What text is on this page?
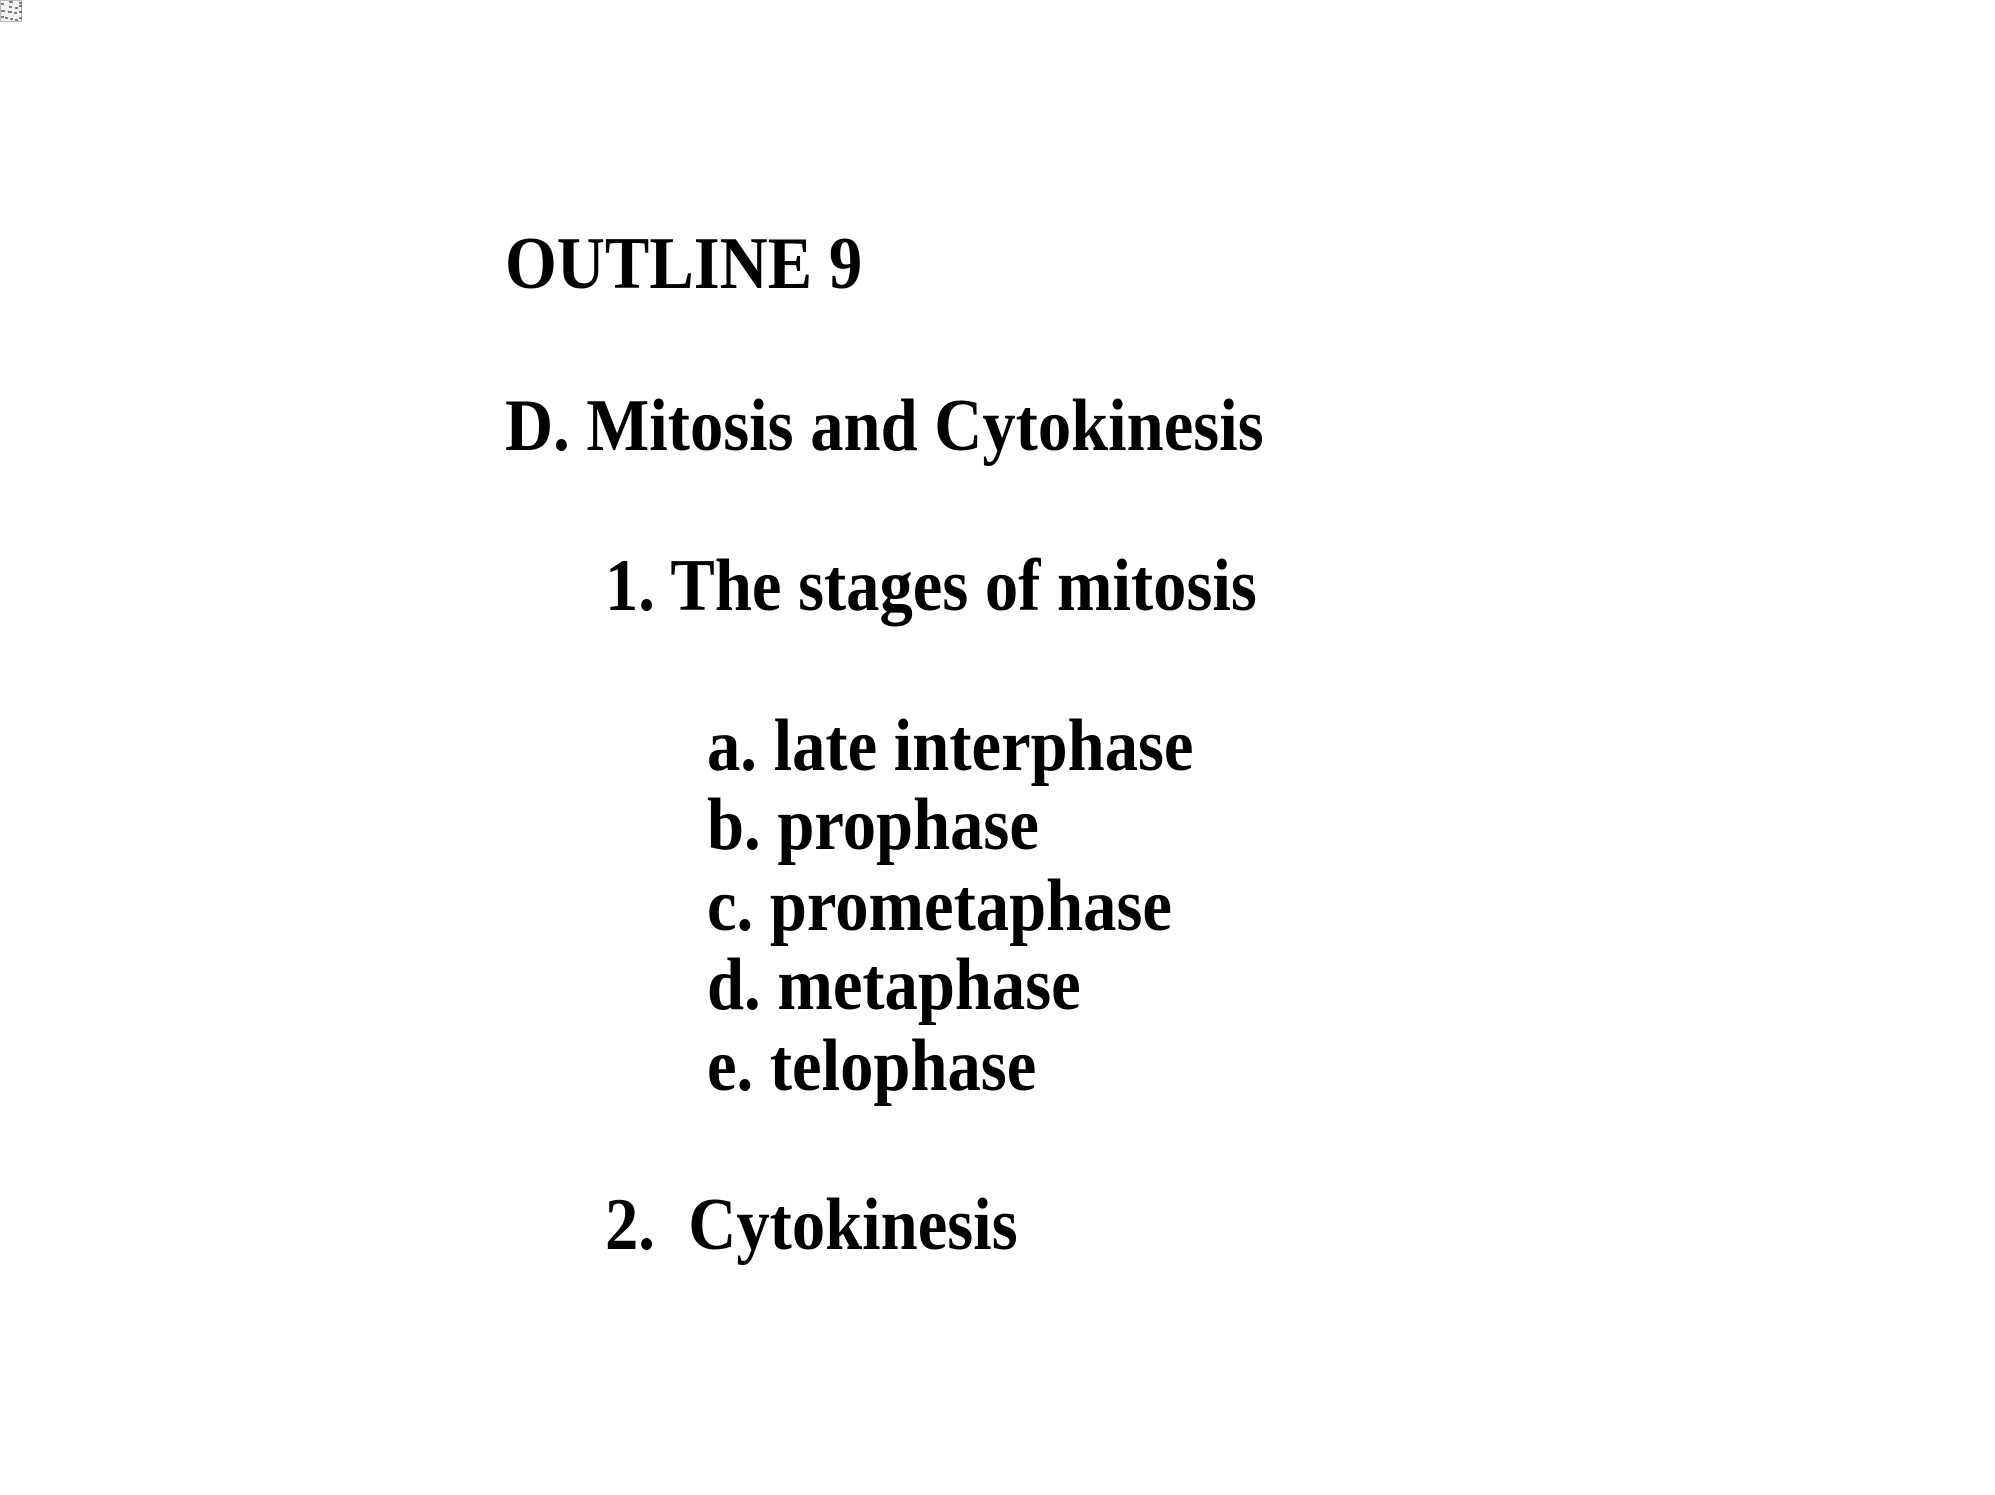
OUTLINE 9
D. Mitosis and Cytokinesis
1. The stages of mitosis
a. late interphase
b. prophase
c. prometaphase
d. metaphase
e. telophase
2.  Cytokinesis
